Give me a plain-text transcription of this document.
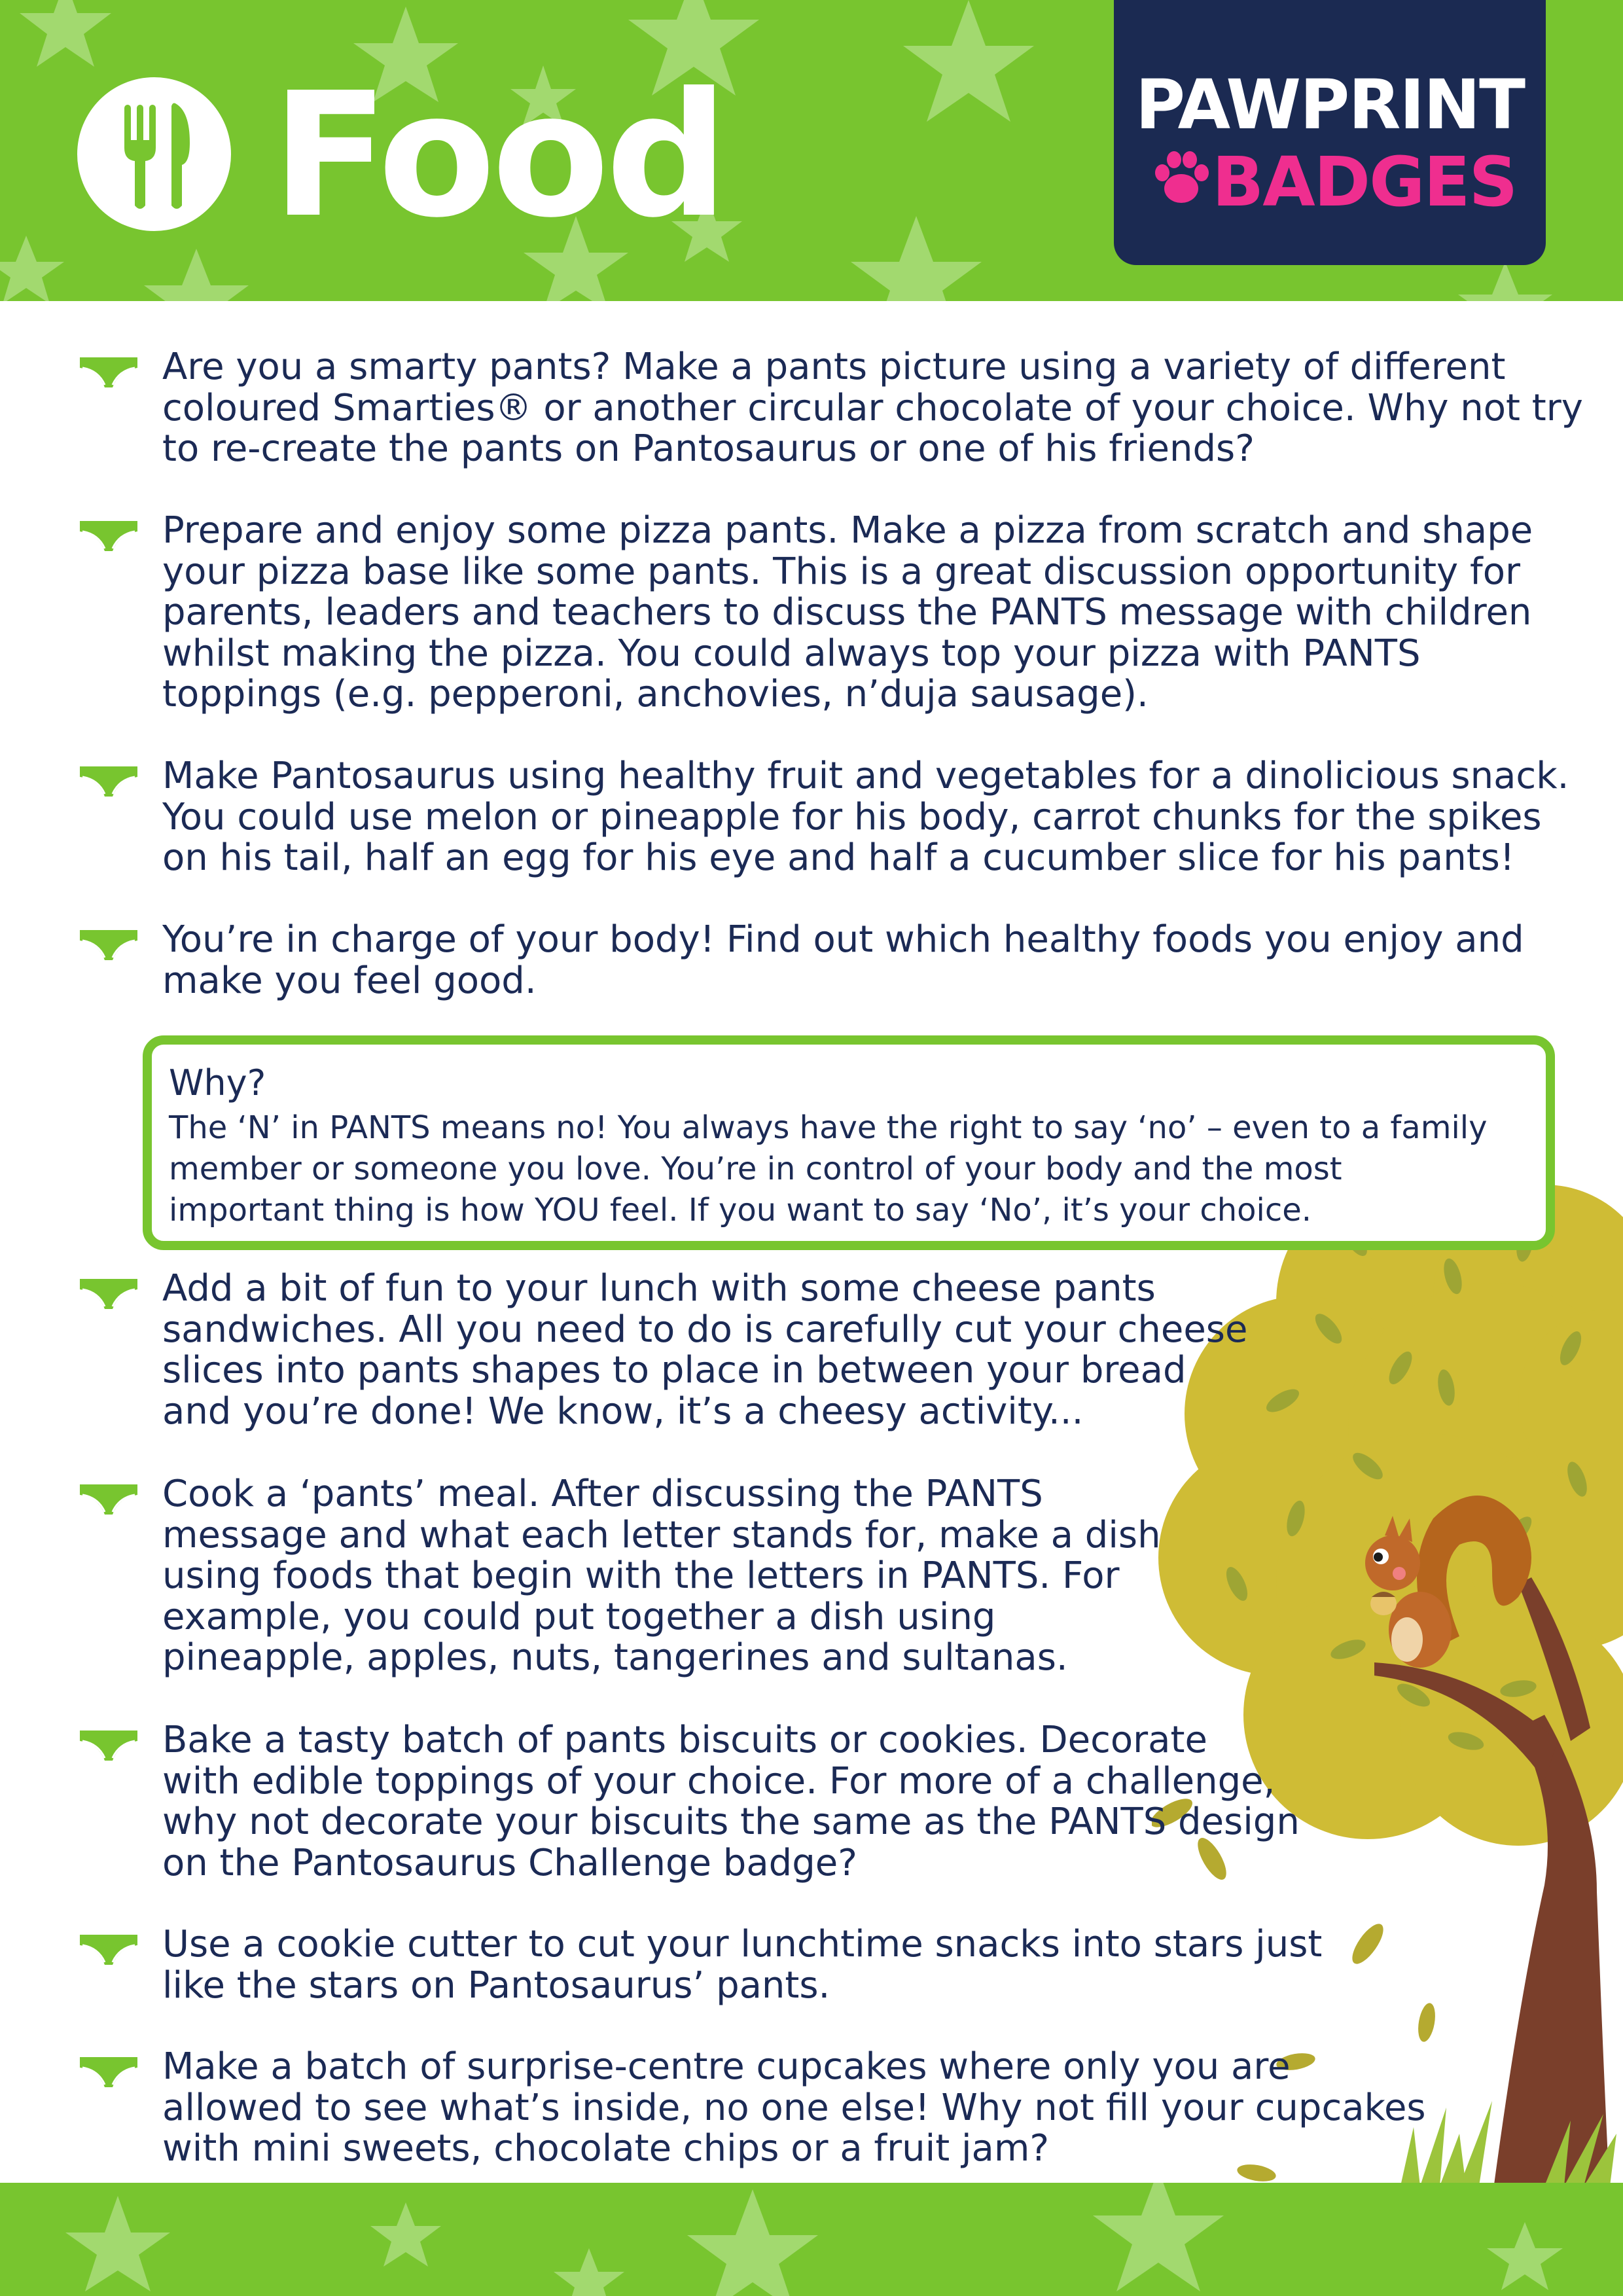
Food	PAWPRINT
BADGES
Are you a smarty pants? Make a pants picture using a variety of different
coloured Smarties® or another circular chocolate of your choice. Why not try
to re-create the pants on Pantosaurus or one of his friends?
Prepare and enjoy some pizza pants. Make a pizza from scratch and shape
your pizza base like some pants. This is a great discussion opportunity for
parents, leaders and teachers to discuss the PANTS message with children
whilst making the pizza. You could always top your pizza with PANTS
toppings (e.g. pepperoni, anchovies, n’duja sausage).
Make Pantosaurus using healthy fruit and vegetables for a dinolicious snack.
You could use melon or pineapple for his body, carrot chunks for the spikes
on his tail, half an egg for his eye and half a cucumber slice for his pants!
You’re in charge of your body! Find out which healthy foods you enjoy and
make you feel good.
Why?
The ‘N’ in PANTS means no! You always have the right to say ‘no’ – even to a family
member or someone you love. You’re in control of your body and the most
important thing is how YOU feel. If you want to say ‘No’, it’s your choice.
Add a bit of fun to your lunch with some cheese pants
sandwiches. All you need to do is carefully cut your cheese
slices into pants shapes to place in between your bread
and you’re done! We know, it’s a cheesy activity...
Cook a ‘pants’ meal. After discussing the PANTS
message and what each letter stands for, make a dish
using foods that begin with the letters in PANTS. For
example, you could put together a dish using
pineapple, apples, nuts, tangerines and sultanas.
Bake a tasty batch of pants biscuits or cookies. Decorate
with edible toppings of your choice. For more of a challenge,
why not decorate your biscuits the same as the PANTS design
on the Pantosaurus Challenge badge?
Use a cookie cutter to cut your lunchtime snacks into stars just
like the stars on Pantosaurus’ pants.
Make a batch of surprise-centre cupcakes where only you are
allowed to see what’s inside, no one else! Why not fill your cupcakes
with mini sweets, chocolate chips or a fruit jam?
